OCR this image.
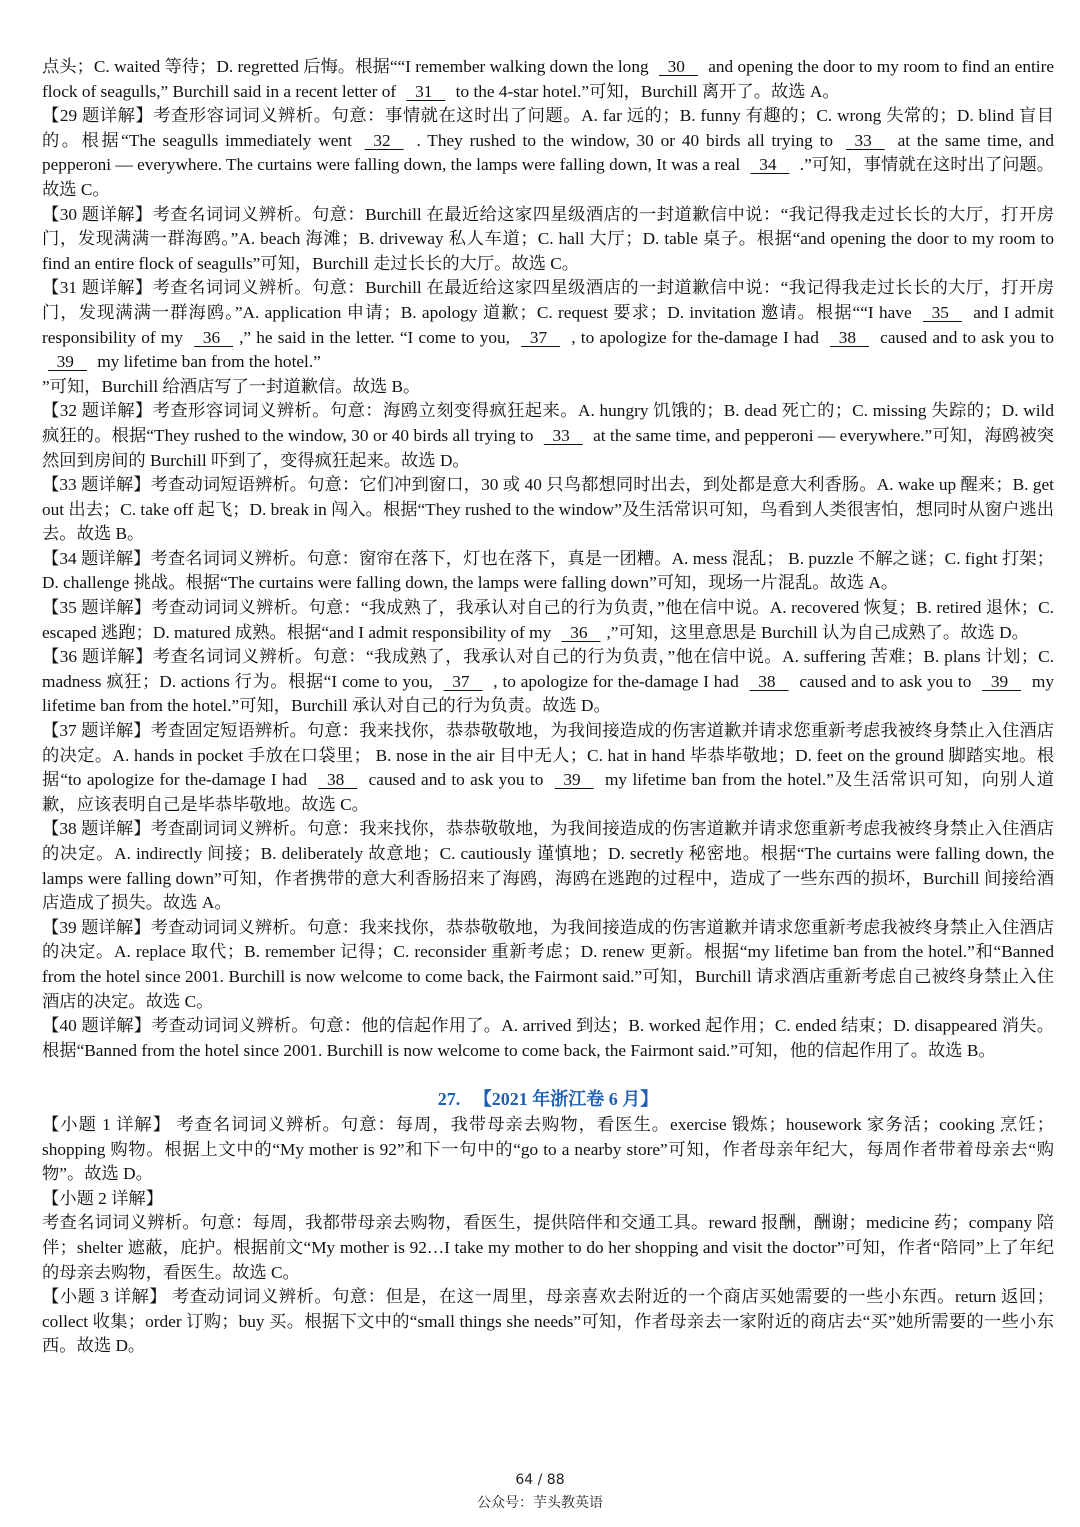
点头；C. waited 等待；D. regretted 后悔。根据““I remember walking down the long   30    and opening the door to my room to find an entire flock of seagulls,” Burchill said in a recent letter of   31    to the 4-star hotel.”可知，Burchill 离开了。故选 A。

【29 题详解】考查形容词词义辨析。句意：事情就在这时出了问题。A. far 远的；B. funny 有趣的；C. wrong 失常的；D. blind 盲目的。根据“The seagulls immediately went   32    . They rushed to the window, 30 or 40 birds all trying to   33    at the same time, and pepperoni — everywhere. The curtains were falling down, the lamps were falling down, It was a real   34    .”可知，事情就在这时出了问题。故选 C。

【30 题详解】考查名词词义辨析。句意：Burchill 在最近给这家四星级酒店的一封道歉信中说：“我记得我走过长长的大厅，打开房门，发现满满一群海鸥。”A. beach 海滩；B. driveway 私人车道；C. hall 大厅；D. table 桌子。根据“and opening the door to my room to find an entire flock of seagulls”可知，Burchill 走过长长的大厅。故选 C。

【31 题详解】考查名词词义辨析。句意：Burchill 在最近给这家四星级酒店的一封道歉信中说：“我记得我走过长长的大厅，打开房门，发现满满一群海鸥。”A. application 申请；B. apology 道歉；C. request 要求；D. invitation 邀请。根据““I have   35    and I admit responsibility of my   36   ,” he said in the letter. “I come to you,   37    , to apologize for the-damage I had   38    caused and to ask you to   39    my lifetime ban from the hotel.”

”可知，Burchill 给酒店写了一封道歉信。故选 B。

【32 题详解】考查形容词词义辨析。句意：海鸥立刻变得疯狂起来。A. hungry 饥饿的；B. dead 死亡的；C. missing 失踪的；D. wild 疯狂的。根据“They rushed to the window, 30 or 40 birds all trying to   33    at the same time, and pepperoni — everywhere.”可知，海鸥被突然回到房间的 Burchill 吓到了，变得疯狂起来。故选 D。

【33 题详解】考查动词短语辨析。句意：它们冲到窗口，30 或 40 只鸟都想同时出去，到处都是意大利香肠。A. wake up 醒来；B. get out 出去；C. take off 起飞；D. break in 闯入。根据“They rushed to the window”及生活常识可知，鸟看到人类很害怕，想同时从窗户逃出去。故选 B。

【34 题详解】考查名词词义辨析。句意：窗帘在落下，灯也在落下，真是一团糟。A. mess 混乱； B. puzzle 不解之谜；C. fight 打架；D. challenge 挑战。根据“The curtains were falling down, the lamps were falling down”可知，现场一片混乱。故选 A。

【35 题详解】考查动词词义辨析。句意：“我成熟了，我承认对自己的行为负责，”他在信中说。A. recovered 恢复；B. retired 退休；C. escaped 逃跑；D. matured 成熟。根据“and I admit responsibility of my   36   ,”可知，这里意思是 Burchill 认为自己成熟了。故选 D。

【36 题详解】考查名词词义辨析。句意：“我成熟了，我承认对自己的行为负责，”他在信中说。A. suffering 苦难；B. plans 计划；C. madness 疯狂；D. actions 行为。根据“I come to you,   37    , to apologize for the-damage I had   38    caused and to ask you to   39    my lifetime ban from the hotel.”可知，Burchill 承认对自己的行为负责。故选 D。

【37 题详解】考查固定短语辨析。句意：我来找你，恭恭敬敬地，为我间接造成的伤害道歉并请求您重新考虑我被终身禁止入住酒店的决定。A. hands in pocket 手放在口袋里； B. nose in the air 目中无人；C. hat in hand 毕恭毕敬地；D. feet on the ground 脚踏实地。根据“to apologize for the-damage I had   38    caused and to ask you to   39    my lifetime ban from the hotel.”及生活常识可知，向别人道歉，应该表明自己是毕恭毕敬地。故选 C。

【38 题详解】考查副词词义辨析。句意：我来找你，恭恭敬敬地，为我间接造成的伤害道歉并请求您重新考虑我被终身禁止入住酒店的决定。A. indirectly 间接；B. deliberately 故意地；C. cautiously 谨慎地；D. secretly 秘密地。根据“The curtains were falling down, the lamps were falling down”可知，作者携带的意大利香肠招来了海鸥，海鸥在逃跑的过程中，造成了一些东西的损坏，Burchill 间接给酒店造成了损失。故选 A。

【39 题详解】考查动词词义辨析。句意：我来找你，恭恭敬敬地，为我间接造成的伤害道歉并请求您重新考虑我被终身禁止入住酒店的决定。A. replace 取代；B. remember 记得；C. reconsider 重新考虑；D. renew 更新。根据“my lifetime ban from the hotel.”和“Banned from the hotel since 2001. Burchill is now welcome to come back, the Fairmont said.”可知，Burchill 请求酒店重新考虑自己被终身禁止入住酒店的决定。故选 C。

【40 题详解】考查动词词义辨析。句意：他的信起作用了。A. arrived 到达；B. worked 起作用；C. ended 结束；D. disappeared 消失。根据“Banned from the hotel since 2001. Burchill is now welcome to come back, the Fairmont said.”可知，他的信起作用了。故选 B。

27. 【2021 年浙江卷 6 月】

【小题 1 详解】 考查名词词义辨析。句意：每周，我带母亲去购物，看医生。exercise 锻炼；housework 家务活；cooking 烹饪；shopping 购物。根据上文中的“My mother is 92”和下一句中的“go to a nearby store”可知，作者母亲年纪大，每周作者带着母亲去“购物”。故选 D。

【小题 2 详解】

考查名词词义辨析。句意：每周，我都带母亲去购物，看医生，提供陪伴和交通工具。reward 报酬，酬谢；medicine 药；company 陪伴；shelter 遮蔽，庇护。根据前文“My mother is 92…I take my mother to do her shopping and visit the doctor”可知，作者“陪同”上了年纪的母亲去购物，看医生。故选 C。

【小题 3 详解】 考查动词词义辨析。句意：但是，在这一周里，母亲喜欢去附近的一个商店买她需要的一些小东西。return 返回；collect 收集；order 订购；buy 买。根据下文中的“small things she needs”可知，作者母亲去一家附近的商店去“买”她所需要的一些小东西。故选 D。

64 / 88
公众号：芋头教英语
